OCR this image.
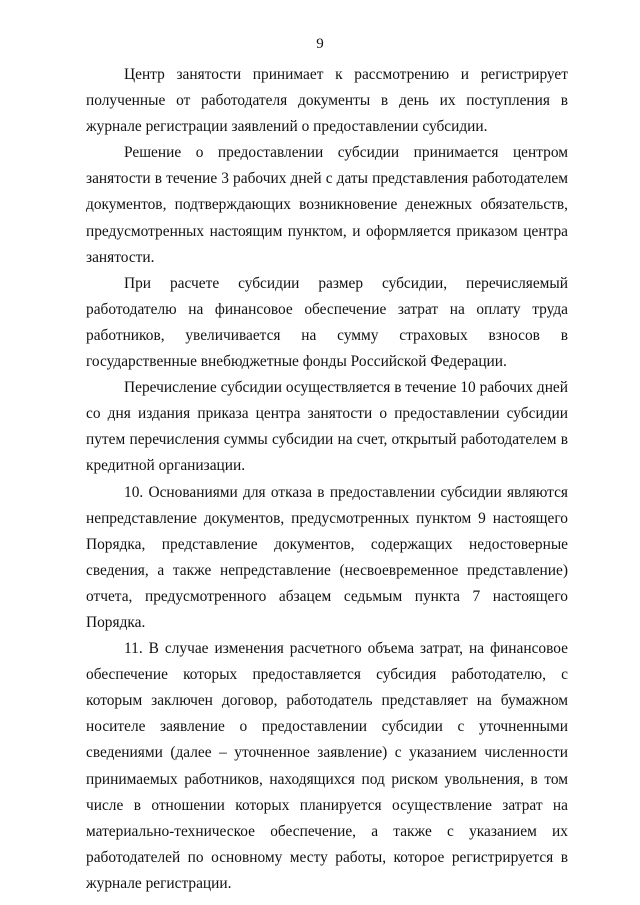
9

Центр занятости принимает к рассмотрению и регистрирует полученные от работодателя документы в день их поступления в журнале регистрации заявлений о предоставлении субсидии.

Решение о предоставлении субсидии принимается центром занятости в течение 3 рабочих дней с даты представления работодателем документов, подтверждающих возникновение денежных обязательств, предусмотренных настоящим пунктом, и оформляется приказом центра занятости.

При расчете субсидии размер субсидии, перечисляемый работодателю на финансовое обеспечение затрат на оплату труда работников, увеличивается на сумму страховых взносов в государственные внебюджетные фонды Российской Федерации.

Перечисление субсидии осуществляется в течение 10 рабочих дней со дня издания приказа центра занятости о предоставлении субсидии путем перечисления суммы субсидии на счет, открытый работодателем в кредитной организации.

10. Основаниями для отказа в предоставлении субсидии являются непредставление документов, предусмотренных пунктом 9 настоящего Порядка, представление документов, содержащих недостоверные сведения, а также непредставление (несвоевременное представление) отчета, предусмотренного абзацем седьмым пункта 7 настоящего Порядка.

11. В случае изменения расчетного объема затрат, на финансовое обеспечение которых предоставляется субсидия работодателю, с которым заключен договор, работодатель представляет на бумажном носителе заявление о предоставлении субсидии с уточненными сведениями (далее – уточненное заявление) с указанием численности принимаемых работников, находящихся под риском увольнения, в том числе в отношении которых планируется осуществление затрат на материально-техническое обеспечение, а также с указанием их работодателей по основному месту работы, которое регистрируется в журнале регистрации.
